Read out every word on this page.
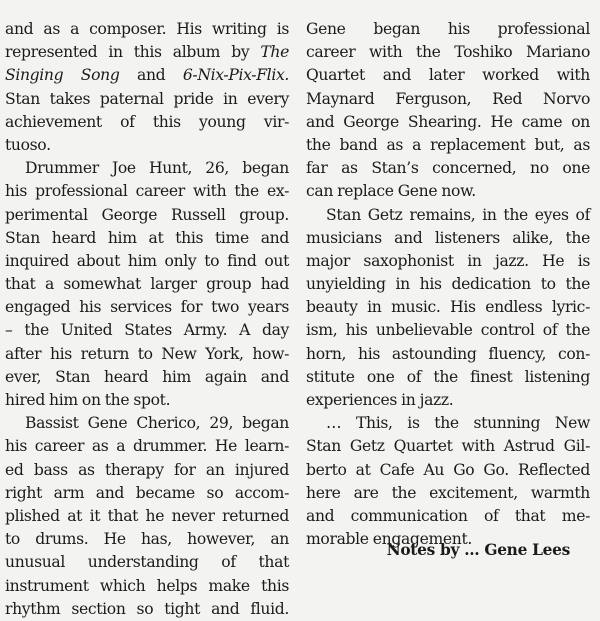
and as a composer. His writing is
represented in this album by The
Singing Song and 6-Nix-Pix-Flix.
Stan takes paternal pride in every
achievement of this young vir-
tuoso.
Drummer Joe Hunt, 26, began
his professional career with the ex-
perimental George Russell group.
Stan heard him at this time and
inquired about him only to find out
that a somewhat larger group had
engaged his services for two years
– the United States Army. A day
after his return to New York, how-
ever, Stan heard him again and
hired him on the spot.
Bassist Gene Cherico, 29, began
his career as a drummer. He learn-
ed bass as therapy for an injured
right arm and became so accom-
plished at it that he never returned
to drums. He has, however, an
unusual understanding of that
instrument which helps make this
rhythm section so tight and fluid.
Gene began his professional
career with the Toshiko Mariano
Quartet and later worked with
Maynard Ferguson, Red Norvo
and George Shearing. He came on
the band as a replacement but, as
far as Stan’s concerned, no one
can replace Gene now.
Stan Getz remains, in the eyes of
musicians and listeners alike, the
major saxophonist in jazz. He is
unyielding in his dedication to the
beauty in music. His endless lyric-
ism, his unbelievable control of the
horn, his astounding fluency, con-
stitute one of the finest listening
experiences in jazz.
… This, is the stunning New
Stan Getz Quartet with Astrud Gil-
berto at Cafe Au Go Go. Reflected
here are the excitement, warmth
and communication of that me-
morable engagement.
Notes by … Gene Lees
